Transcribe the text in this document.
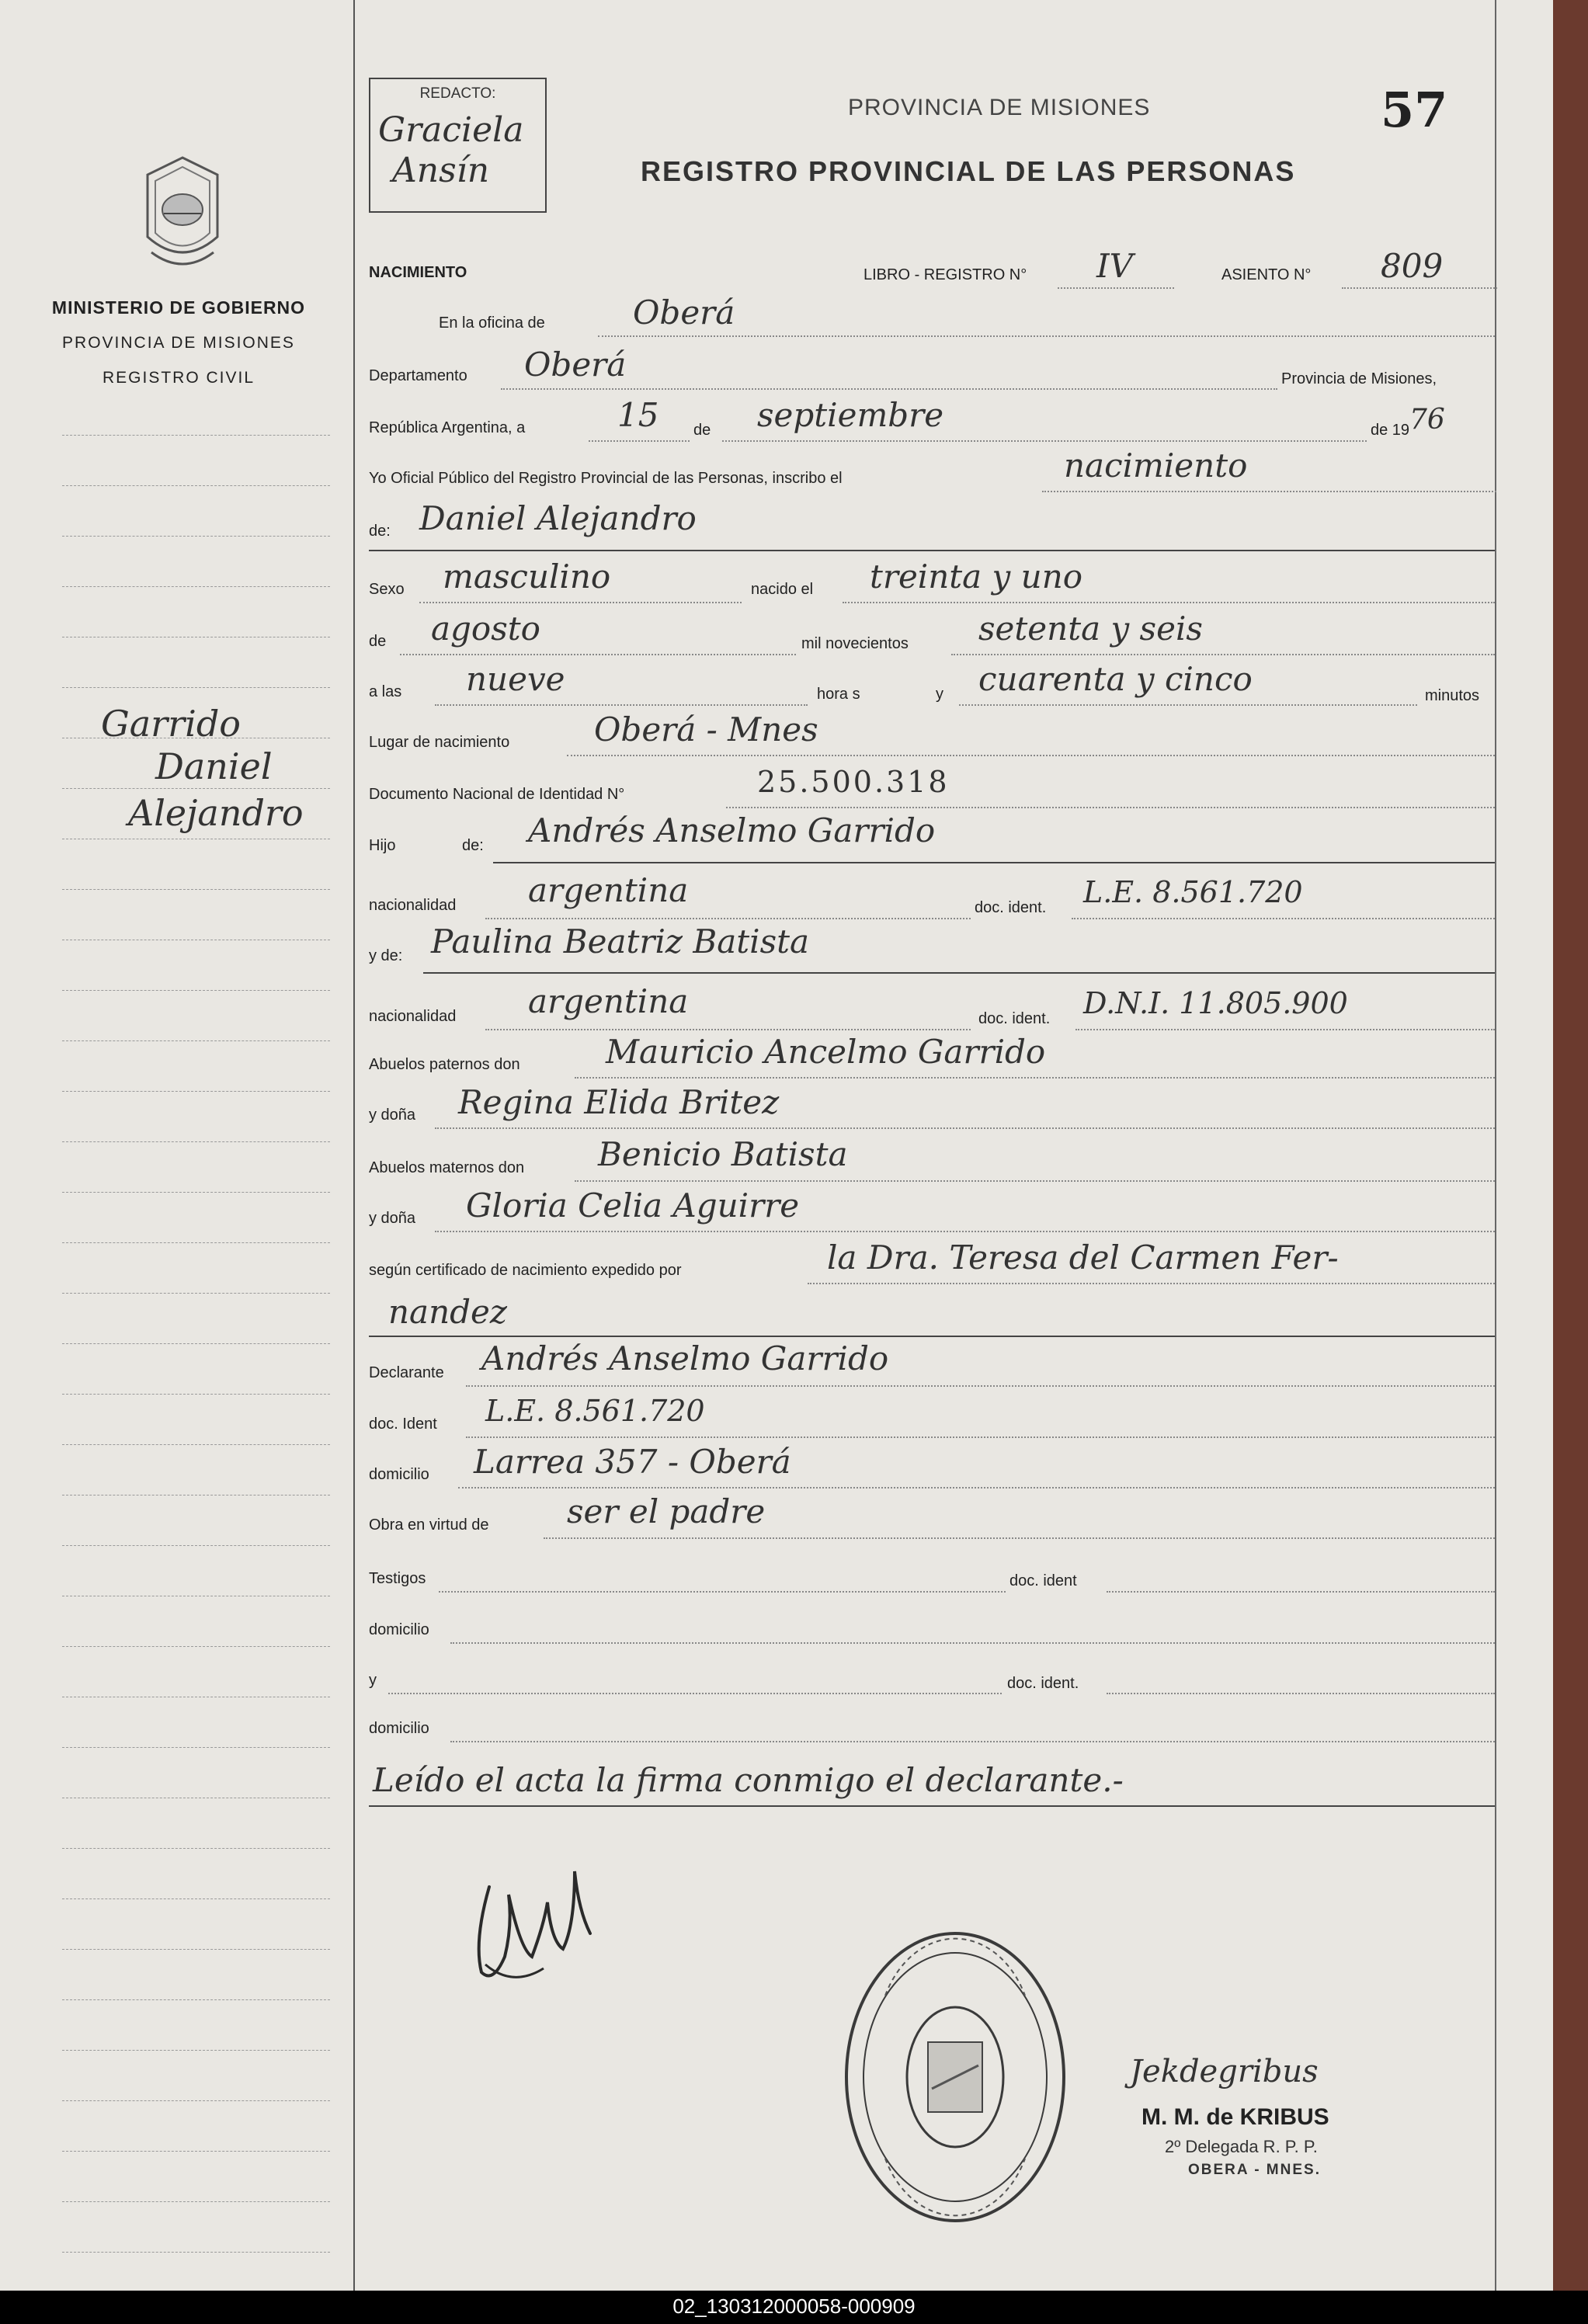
MINISTERIO DE GOBIERNO
PROVINCIA DE MISIONES
REGISTRO CIVIL
Garrido
Daniel
Alejandro
REDACTO:
Graciela
Ansín
PROVINCIA DE MISIONES
REGISTRO PROVINCIAL DE LAS PERSONAS
57
NACIMIENTO	LIBRO - REGISTRO N° IV	ASIENTO N° 809
En la oficina de	Oberá
Departamento Oberá	Provincia de Misiones,
República Argentina, a	15 de septiembre	de 19 76
Yo Oficial Público del Registro Provincial de las Personas, inscribo el	nacimiento
de: Daniel Alejandro
Sexo masculino	nacido el treinta y uno
de agosto	mil novecientos setenta y seis
a las nueve	hora s	y cuarenta y cinco	minutos
Lugar de nacimiento	Oberá - Mnes
Documento Nacional de Identidad N°	25.500.318
Hijo	de: Andrés Anselmo Garrido
nacionalidad argentina	doc. ident. L.E. 8.561.720
y de: Paulina Beatriz Batista
nacionalidad argentina	doc. ident. D.N.I. 11.805.900
Abuelos paternos don	Mauricio Ancelmo Garrido
y doña Regina Elida Britez
Abuelos maternos don Benicio Batista
y doña Gloria Celia Aguirre
según certificado de nacimiento expedido por	la Dra. Teresa del Carmen Fer-
nandez
Declarante Andrés Anselmo Garrido
doc. Ident L.E. 8.561.720
domicilio Larrea 357 - Oberá
Obra en virtud de ser el padre
Testigos	doc. ident
domicilio
y	doc. ident.
domicilio
Leído el acta la firma conmigo el declarante.-
Jekdegribus
M. M. de KRIBUS
2º Delegada R. P. P.
OBERA - MNES.
02_130312000058-000909
